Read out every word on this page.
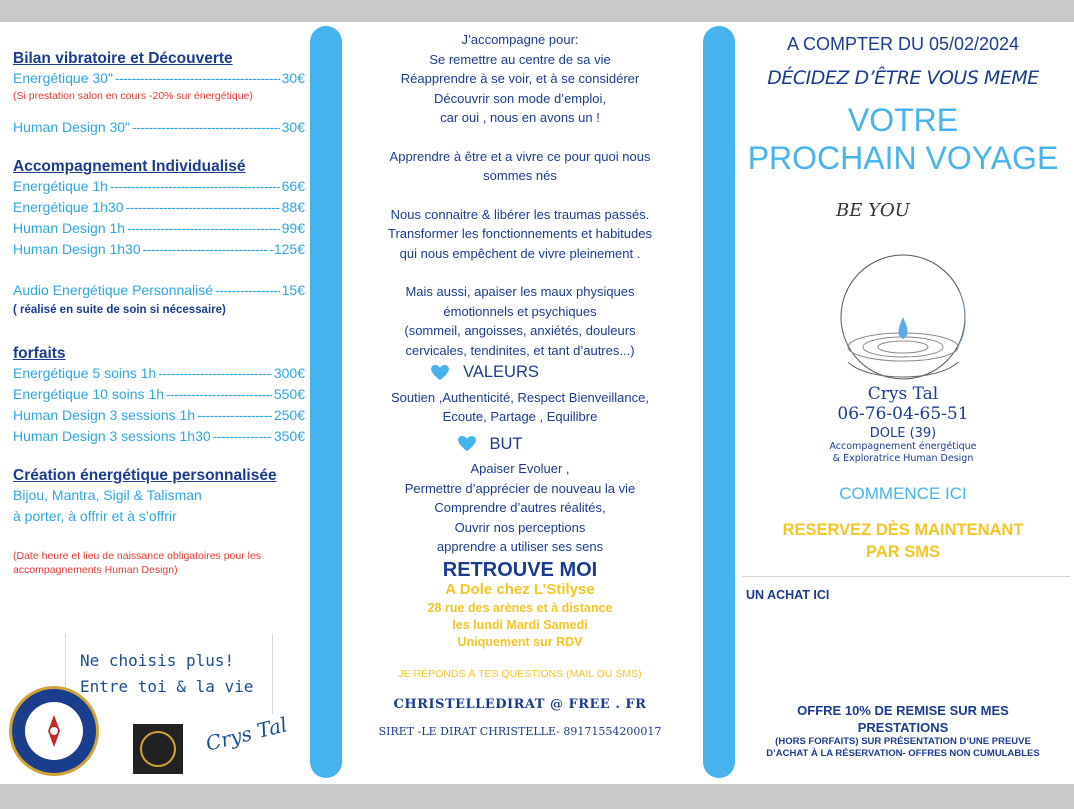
Bilan vibratoire et Découverte
Energétique 30" -----	30€
(Si prestation salon en cours -20% sur énergétique)
Human Design 30" -----	30€
Accompagnement Individualisé
Energétique 1h -----	66€
Energétique 1h30 -----	88€
Human Design 1h -----	99€
Human Design 1h30 -----	-125€
Audio Energétique Personnalisé -----	15€
( réalisé en suite de soin si nécessaire)
forfaits
Energétique 5 soins 1h -----	300€
Energétique 10 soins 1h -----	550€
Human Design 3 sessions 1h -----	250€
Human Design 3 sessions 1h30 -----	350€
Création énergétique personnalisée
Bijou, Mantra, Sigil & Talisman
à porter, à offrir et à s’offrir
(Date heure et lieu de naissance obligatoires pour les accompagnements Human Design)
Ne choisis plus!
Entre toi & la vie
Crys Tal
J’accompagne pour:
Se remettre au centre de sa vie
Réapprendre à se voir, et à se considérer
Découvrir son mode d’emploi,
car oui , nous en avons un !
Apprendre à être et a vivre ce pour quoi nous
sommes nés
Nous connaitre & libérer les traumas passés.
Transformer les fonctionnements et habitudes
qui nous empêchent de vivre pleinement .
Mais aussi, apaiser les maux physiques
émotionnels et psychiques
(sommeil, angoisses, anxiétés, douleurs
cervicales, tendinites, et tant d’autres...)
VALEURS
Soutien ,Authenticité, Respect Bienveillance,
Ecoute, Partage , Equilibre
BUT
Apaiser Evoluer ,
Permettre d’apprécier de nouveau la vie
Comprendre d’autres réalités,
Ouvrir nos perceptions
apprendre a utiliser ses sens
RETROUVE MOI
A Dole chez L’Stilyse
28 rue des arènes et à distance
les lundi Mardi Samedi
Uniquement sur RDV
JE RÉPONDS À TES QUESTIONS (MAIL OU SMS)
CHRISTELLEDIRAT @ FREE . FR
SIRET -LE DIRAT CHRISTELLE- 89171554200017
A COMPTER DU 05/02/2024
DÉCIDEZ D’ÊTRE VOUS MEME
VOTRE
PROCHAIN VOYAGE
BE YOU
Crys Tal
06-76-04-65-51
DOLE (39)
Accompagnement énergétique
& Exploratrice Human Design
COMMENCE ICI
RESERVEZ DÈS MAINTENANT
PAR SMS
UN ACHAT ICI
OFFRE 10% DE REMISE SUR MES
PRESTATIONS
(HORS FORFAITS) SUR PRÉSENTATION D’UNE PREUVE
D’ACHAT À LA RÉSERVATION- OFFRES NON CUMULABLES
